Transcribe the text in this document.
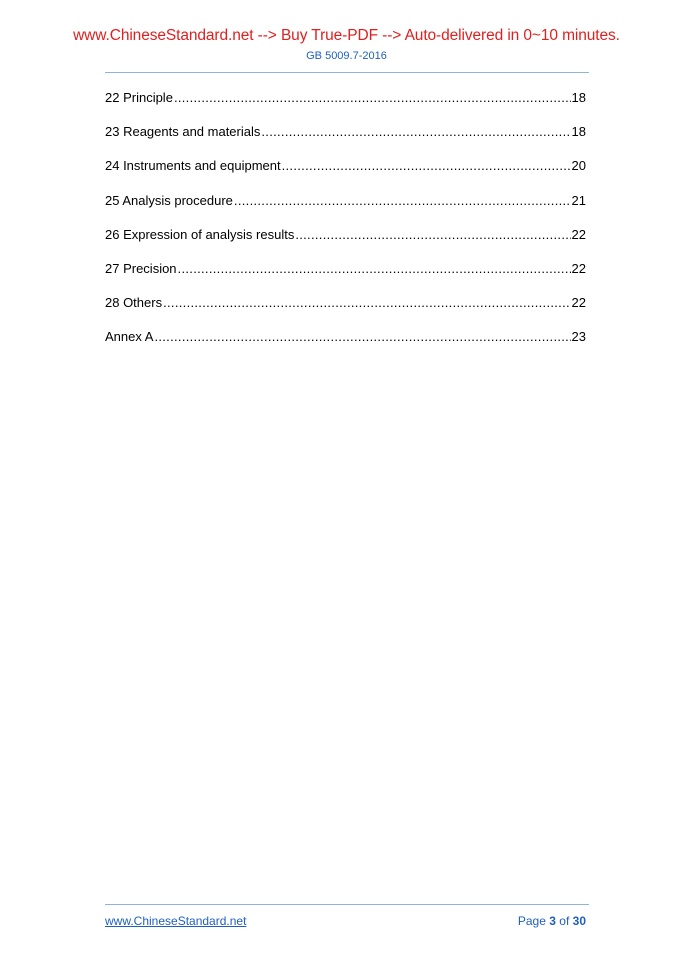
www.ChineseStandard.net --> Buy True-PDF --> Auto-delivered in 0~10 minutes.
GB 5009.7-2016
22 Principle .....	18
23 Reagents and materials .....	18
24 Instruments and equipment .....	20
25 Analysis procedure .....	21
26 Expression of analysis results .....	22
27 Precision .....	22
28 Others .....	22
Annex A .....	23
www.ChineseStandard.net	Page 3 of 30
